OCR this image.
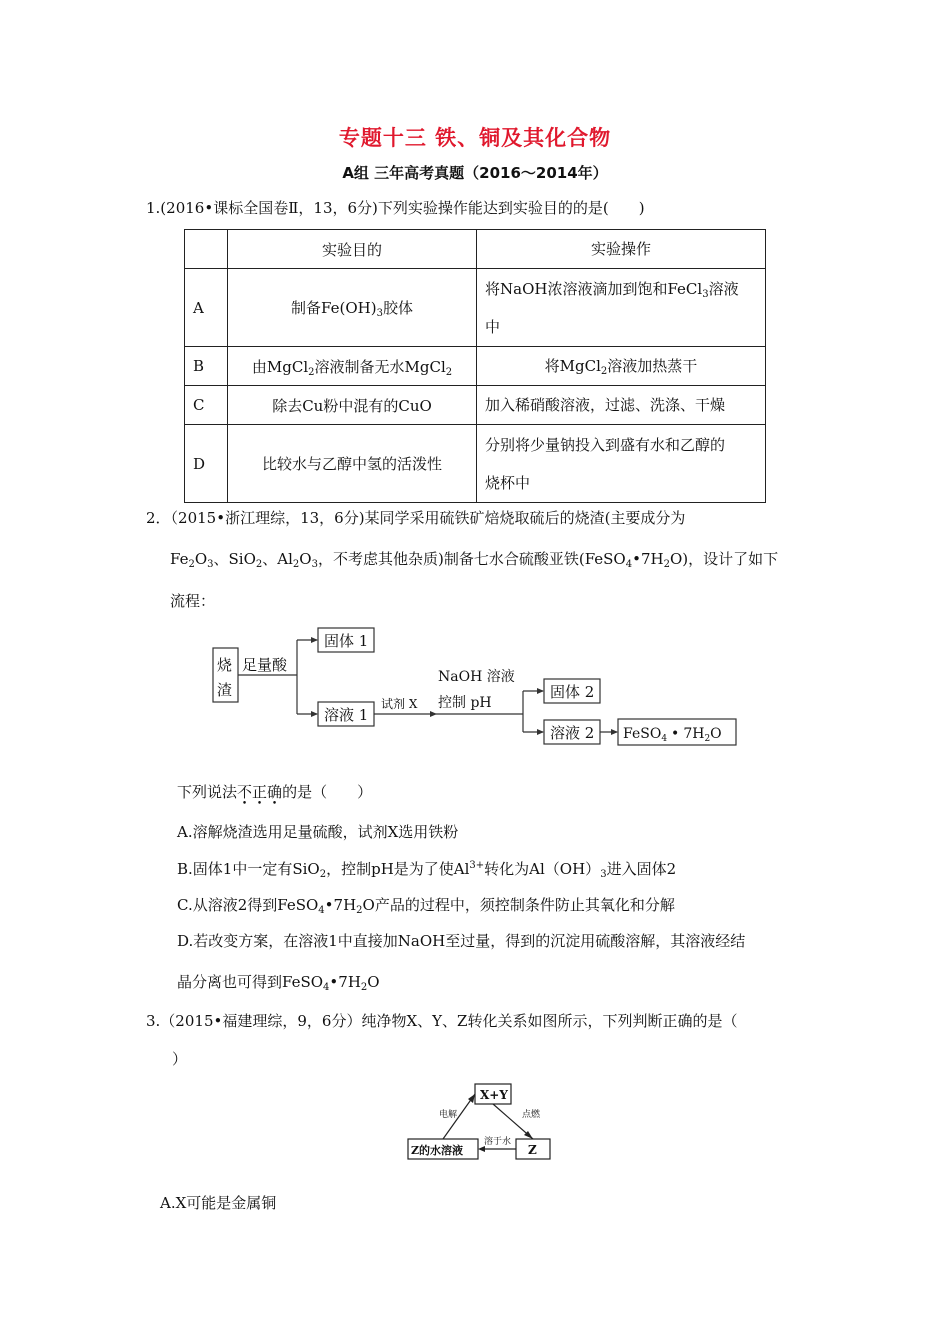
专题十三 铁、铜及其化合物
A组 三年高考真题（2016～2014年）
1.(2016•课标全国卷Ⅱ，13，6分)下列实验操作能达到实验目的的是(　　)
	实验目的	实验操作
A	制备$Fe(OH)_3$胶体	将NaOH浓溶液滴加到饱和FeCl$_3$溶液
中
B	由MgCl$_2$溶液制备无水MgCl$_2$	将MgCl$_2$溶液加热蒸干
C	除去Cu粉中混有的CuO	加入稀硝酸溶液，过滤、洗涤、干燥
D	比较水与乙醇中氢的活泼性	分别将少量钠投入到盛有水和乙醇的
烧杯中
2．（2015•浙江理综，13，6分)某同学采用硫铁矿焙烧取硫后的烧渣(主要成分为
$Fe_2O_3$、SiO$_2$、$Al_2O_3$，不考虑其他杂质)制备七水合硫酸亚铁$(FeSO_4•7H_2O)$，设计了如下
流程：
烧
渣
足量酸
固体 1
溶液 1
试剂 X
NaOH 溶液
控制 pH
固体 2
溶液 2 FeSO$_4$ • $7H_2O$
下列说法不正确的是（　　）
A.溶解烧渣选用足量硫酸，试剂X选用铁粉
B.固体1中一定有SiO$_2$，控制pH是为了使$Al^{3+}$转化为$Al(OH)_3$进入固体2
C.从溶液2得到$FeSO_4•7H_2O$产品的过程中，须控制条件防止其氧化和分解
D.若改变方案，在溶液1中直接加NaOH至过量，得到的沉淀用硫酸溶解，其溶液经结
晶分离也可得到$FeSO_4•7H_2O$
3.（2015•福建理综，9，6分）纯净物X、Y、Z转化关系如图所示，下列判断正确的是（
）
X+Y
Z的水溶液	Z
电解	点燃
溶于水
A.X可能是金属铜
